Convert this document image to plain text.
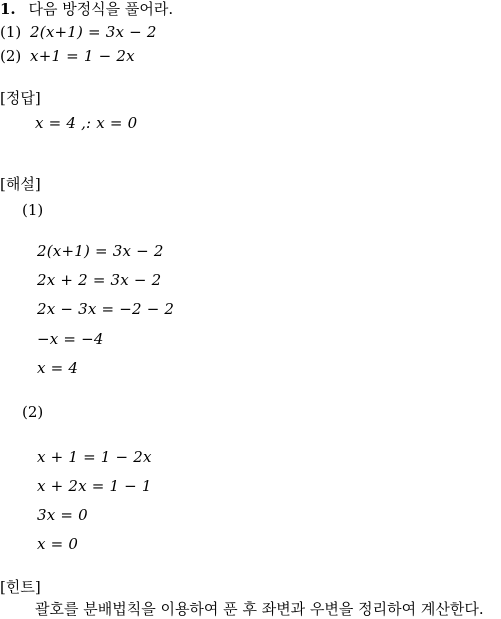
1. 다음 방정식을 풀어라.
(1) 2(x+1) = 3x − 2
(2) x+1 = 1 − 2x
[정답]
x = 4 ,: x = 0
[해설]
(1)
2(x+1) = 3x − 2
2x + 2 = 3x − 2
2x − 3x = −2 − 2
−x = −4
x = 4
(2)
x + 1 = 1 − 2x
x + 2x = 1 − 1
3x = 0
x = 0
[힌트]
괄호를 분배법칙을 이용하여 푼 후 좌변과 우변을 정리하여 계산한다.
